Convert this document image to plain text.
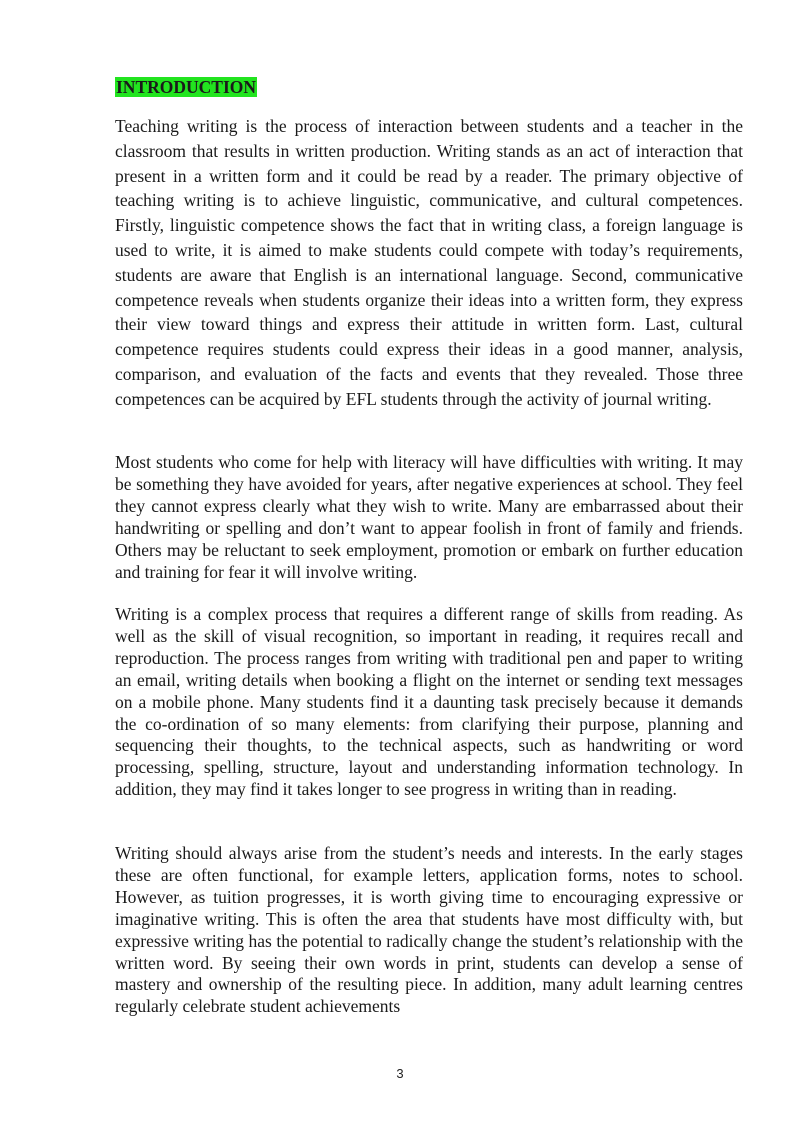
INTRODUCTION

Teaching writing is the process of interaction between students and a teacher in the classroom that results in written production. Writing stands as an act of interaction that present in a written form and it could be read by a reader. The primary objective of teaching writing is to achieve linguistic, communicative, and cultural competences. Firstly, linguistic competence shows the fact that in writing class, a foreign language is used to write, it is aimed to make students could compete with today’s requirements, students are aware that English is an international language. Second, communicative competence reveals when students organize their ideas into a written form, they express their view toward things and express their attitude in written form. Last, cultural competence requires students could express their ideas in a good manner, analysis, comparison, and evaluation of the facts and events that they revealed. Those three competences can be acquired by EFL students through the activity of journal writing.

Most students who come for help with literacy will have difficulties with writing. It may be something they have avoided for years, after negative experiences at school. They feel they cannot express clearly what they wish to write. Many are embarrassed about their handwriting or spelling and don’t want to appear foolish in front of family and friends. Others may be reluctant to seek employment, promotion or embark on further education and training for fear it will involve writing.

Writing is a complex process that requires a different range of skills from reading. As well as the skill of visual recognition, so important in reading, it requires recall and reproduction. The process ranges from writing with traditional pen and paper to writing an email, writing details when booking a flight on the internet or sending text messages on a mobile phone. Many students find it a daunting task precisely because it demands the co-ordination of so many elements: from clarifying their purpose, planning and sequencing their thoughts, to the technical aspects, such as handwriting or word processing, spelling, structure, layout and understanding information technology. In addition, they may find it takes longer to see progress in writing than in reading.

Writing should always arise from the student’s needs and interests. In the early stages these are often functional, for example letters, application forms, notes to school. However, as tuition progresses, it is worth giving time to encouraging expressive or imaginative writing. This is often the area that students have most difficulty with, but expressive writing has the potential to radically change the student’s relationship with the written word. By seeing their own words in print, students can develop a sense of mastery and ownership of the resulting piece. In addition, many adult learning centres regularly celebrate student achievements

3
